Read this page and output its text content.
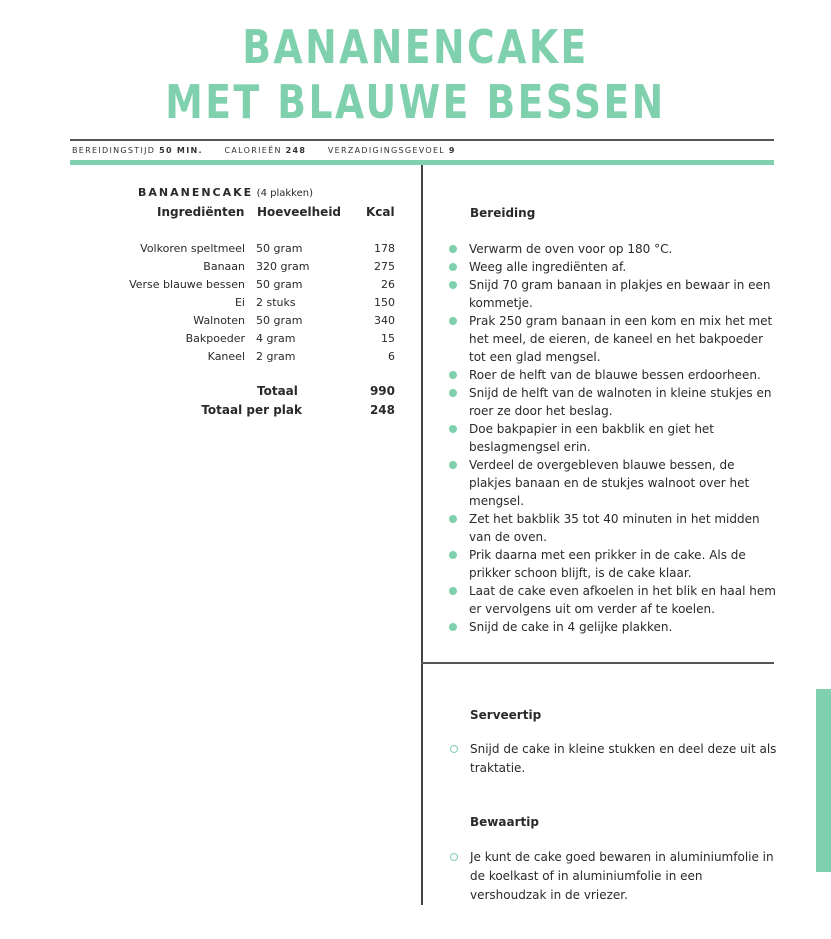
BANANENCAKE
MET BLAUWE BESSEN
BEREIDINGSTIJD 50 MIN.	CALORIEËN 248	VERZADIGINGSGEVOEL 9
BANANENCAKE (4 plakken)
Ingrediënten Hoeveelheid Kcal
Volkoren speltmeel 50 gram	178
Banaan 320 gram	275
Verse blauwe bessen 50 gram	26
Ei 2 stuks	150
Walnoten 50 gram	340
Bakpoeder 4 gram	15
Kaneel 2 gram	6
Totaal	990
Totaal per plak	248
Bereiding
Verwarm de oven voor op 180 °C.
Weeg alle ingrediënten af.
Snijd 70 gram banaan in plakjes en bewaar in een kommetje.
Prak 250 gram banaan in een kom en mix het met het meel, de eieren, de kaneel en het bakpoeder tot een glad mengsel.
Roer de helft van de blauwe bessen erdoorheen.
Snijd de helft van de walnoten in kleine stukjes en roer ze door het beslag.
Doe bakpapier in een bakblik en giet het beslagmengsel erin.
Verdeel de overgebleven blauwe bessen, de plakjes banaan en de stukjes walnoot over het mengsel.
Zet het bakblik 35 tot 40 minuten in het midden van de oven.
Prik daarna met een prikker in de cake. Als de prikker schoon blijft, is de cake klaar.
Laat de cake even afkoelen in het blik en haal hem er vervolgens uit om verder af te koelen.
Snijd de cake in 4 gelijke plakken.
Serveertip
Snijd de cake in kleine stukken en deel deze uit als traktatie.
Bewaartip
Je kunt de cake goed bewaren in aluminiumfolie in de koelkast of in aluminiumfolie in een vershoudzak in de vriezer.
